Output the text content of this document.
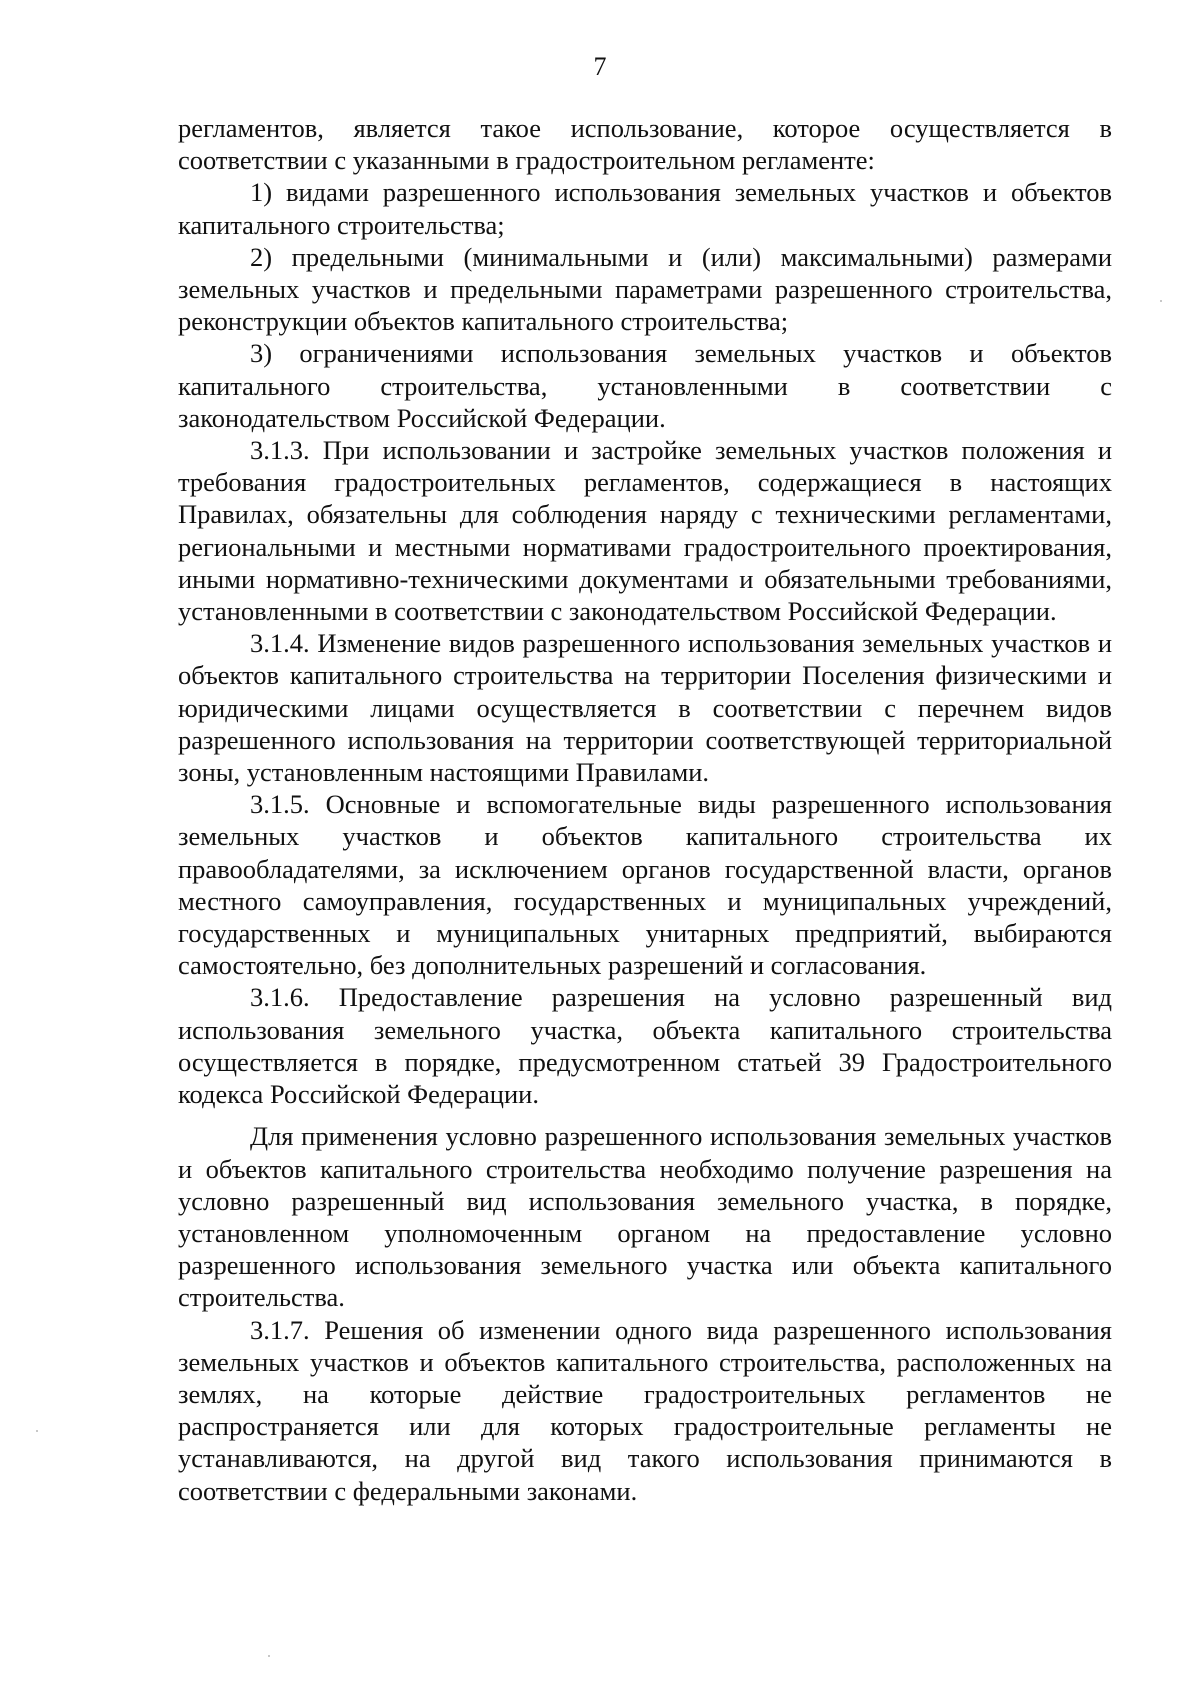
7

регламентов, является такое использование, которое осуществляется в соответствии с указанными в градостроительном регламенте:

1) видами разрешенного использования земельных участков и объектов капитального строительства;

2) предельными (минимальными и (или) максимальными) размерами земельных участков и предельными параметрами разрешенного строительства, реконструкции объектов капитального строительства;

3) ограничениями использования земельных участков и объектов капитального строительства, установленными в соответствии с законодательством Российской Федерации.

3.1.3. При использовании и застройке земельных участков положения и требования градостроительных регламентов, содержащиеся в настоящих Правилах, обязательны для соблюдения наряду с техническими регламентами, региональными и местными нормативами градостроительного проектирования, иными нормативно-техническими документами и обязательными требованиями, установленными в соответствии с законодательством Российской Федерации.

3.1.4. Изменение видов разрешенного использования земельных участков и объектов капитального строительства на территории Поселения физическими и юридическими лицами осуществляется в соответствии с перечнем видов разрешенного использования на территории соответствующей территориальной зоны, установленным настоящими Правилами.

3.1.5. Основные и вспомогательные виды разрешенного использования земельных участков и объектов капитального строительства их правообладателями, за исключением органов государственной власти, органов местного самоуправления, государственных и муниципальных учреждений, государственных и муниципальных унитарных предприятий, выбираются самостоятельно, без дополнительных разрешений и согласования.

3.1.6. Предоставление разрешения на условно разрешенный вид использования земельного участка, объекта капитального строительства осуществляется в порядке, предусмотренном статьей 39 Градостроительного кодекса Российской Федерации.

Для применения условно разрешенного использования земельных участков и объектов капитального строительства необходимо получение разрешения на условно разрешенный вид использования земельного участка, в порядке, установленном уполномоченным органом на предоставление условно разрешенного использования земельного участка или объекта капитального строительства.

3.1.7. Решения об изменении одного вида разрешенного использования земельных участков и объектов капитального строительства, расположенных на землях, на которые действие градостроительных регламентов не распространяется или для которых градостроительные регламенты не устанавливаются, на другой вид такого использования принимаются в соответствии с федеральными законами.
